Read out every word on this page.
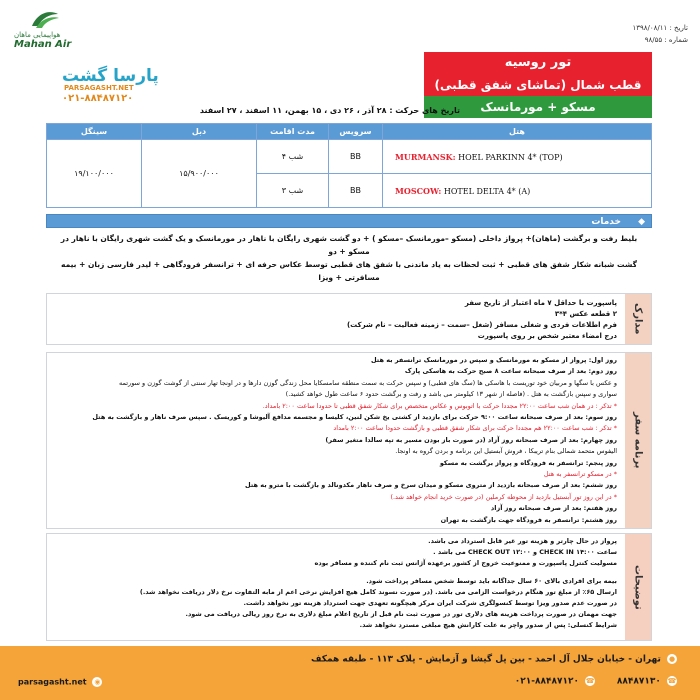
هواپیمایی ماهان
Mahan Air
تاریخ : ۱۳۹۸/۰۸/۱۱
شماره : ۹۸/۵۵
پارسا گشت
PARSAGASHT.NET
۰۲۱-۸۸۴۸۷۱۲۰
تور روسیه
قطب شمال (تماشای شفق قطبی)
مسکو + مورمانسک
تاریخ های حرکت : ۲۸ آذر ، ۲۶ دی ، ۱۵ بهمن، ۱۱ اسفند ، ۲۷ اسفند
سینگل	دبل	مدت اقامت	سرویس	هتل
۱۹/۱۰۰/۰۰۰	۱۵/۹۰۰/۰۰۰	۴ شب	BB	MURMANSK: HOEL PARKINN 4* (TOP)
		۳ شب	BB	MOSCOW: HOTEL DELTA 4* (A)
◆
خدمات
بلیط رفت و برگشت (ماهان)+ پرواز داخلی (مسکو –مورمانسک –مسکو ) + دو گشت شهری رایگان با ناهار در مورمانسک و یک گشت شهری رایگان با ناهار در مسکو + دو
گشت شبانه شکار شفق های قطبی + ثبت لحظات به یاد ماندنی با شفق های قطبی توسط عکاس حرفه ای + ترانسفر فرودگاهی + لیدر فارسی زبان + بیمه مسافرتی + ویزا
مدارک
پاسپورت با حداقل ۷ ماه اعتبار از تاریخ سفر
۲ قطعه عکس ۴*۳
فرم اطلاعات فردی و شغلی مسافر (شغل –سمت – زمینه فعالیت – نام شرکت)
درج امضاء معتبر شخص بر روی پاسپورت
برنامه سفر
روز اول: پرواز از مسکو به مورمانسک و سپس در مورمانسک ترانسفر به هتل
روز دوم: بعد از صرف صبحانه ساعت ۸ صبح حرکت به هاسکی پارک
و عکس با سگها و مربیان خود توریست با هاسکی ها (سگ های قطبی) و سپس حرکت به سمت منطقه سامسکایا محل زندگی گوزن دارها و در اونجا تهار سنتی از گوشت گوزن و سورتمه
سواری و سپس بازگشت به هتل . (فاصله از شهر ۱۳ کیلومتر می باشد و رفت و برگشت حدود ۶ ساعت طول خواهد کشید.)
* تذکر : در همان شب ساعت ۲۲:۰۰ مجددا حرکت با اتوبوس و عکاس متخصص برای شکار شفق قطبی تا حدودا ساعت ۲:۰۰ بامداد.
روز سوم: بعد از صرف صبحانه ساعت ۹:۰۰ حرکت برای بازدید از کشتی یخ شکن لنین، کلیسا و مجسمه مدافع آلیوشا و کوریسک . سپس صرف ناهار و بازگشت به هتل
* تذکر : شب ساعت ۲۲:۰۰ هم مجددا حرکت برای شکار شفق قطبی و بازگشت حدودا ساعت ۲:۰۰ بامداد
روز چهارم: بعد از صرف صبحانه روز آزاد (در صورت باز بودن مسیر به تپه سالدا متغیر سفر)
الیفوس متحمد شمالی بنام تریبکا ، فروش آبستیل این برنامه و بردن گروه به اونجا.
روز پنجم: ترانسفر به فرودگاه و پرواز برگشت به مسکو
* در مسکو ترانسفر به هتل
روز ششم: بعد از صرف صبحانه بازدید از متروی مسکو و میدان سرخ و صرف ناهار مکدونالد و بازگشت با مترو به هتل
* در این روز تور آبستیل بازدید از محوطه کرملین (در صورت خرید انجام خواهد شد.)
روز هفتم: بعد از صرف صبحانه روز آزاد
روز هشتم: ترانسفر به فرودگاه جهت بازگشت به تهران
توضیحات
پرواز در حال چارتر و هزینه تور غیر قابل استرداد می باشد.
ساعت CHECK IN ۱۴:۰۰ و CHECK OUT ۱۲:۰۰ می باشد .
مسولیت کنترل پاسپورت و ممنوعیت خروج از کشور برعهده آژانس ثبت نام کننده و مسافر بوده
بیمه برای افرادی بالای ۶۰ سال جداگانه باید توسط شخص مسافر پرداخت شود.
ارسال ۶۵٪ از مبلغ تور هنگام درخواست الزامی می باشد. (در صورت نسوند کامل هیچ افزایش نرخی اعم از مابه التفاوت نرخ دلار دریافت نخواهد شد.)
در صورت عدم صدور ویزا توسط کنسولگری شرکت ایران مرکز هیچگونه تعهدی جهت استرداد هزینه تور نخواهد داشت.
جهت مهمان در صورت پرداخت هزینه های دلاری تور در صورت ثبت نام قبل از تاریخ اعلام مبلغ دلاری به نرخ روز ریالی دریافت می شود.
شرایط کنسلی: پس از صدور واچر به علت کارانش هیچ مبلغی مسترد نخواهد شد.
● تهران - خیابان جلال آل احمد - بین پل گیشا و آزمایش - پلاک ۱۱۳ - طبقه همکف
۰۲۱-۸۸۴۸۷۱۲۰ ☎ ۸۸۴۸۷۱۳۰ ☎
parsagasht.net ◉
